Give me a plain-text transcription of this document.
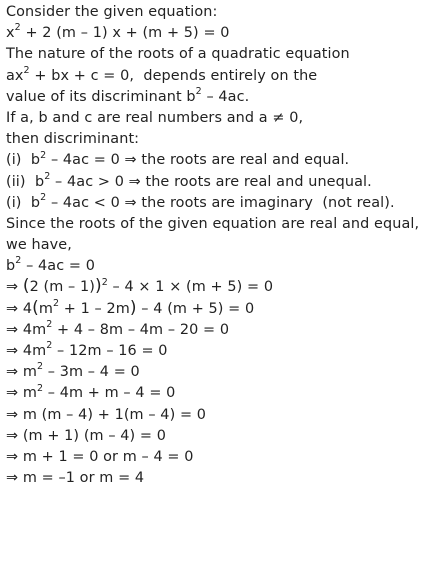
Consider the given equation:
$x^2 + 2$ (m – 1) x + (m + 5) = 0
The nature of the roots of a quadratic equation
$ax^2$ + bx + c = 0,  depends entirely on the
value of its discriminant $b^2 - 4ac$.
If a, b and c are real numbers and a ≠ 0,
then discriminant:
(i)  $b^2 - 4ac = 0$ ⇒ the roots are real and equal.
(ii)  $b^2 - 4ac > 0$ ⇒ the roots are real and unequal.
(i)  $b^2 - 4ac < 0$ ⇒ the roots are imaginary  (not real).
Since the roots of the given equation are real and equal,
we have,
$b^2 - 4ac = 0$
⇒ (2 (m – 1))$^2$ – 4 × 1 × (m + 5) = 0
⇒ $4(m^2 + 1 - 2m) - 4$ (m + 5) = 0
⇒ $4m^2 + 4 - 8m - 4m - 20 = 0$
⇒ $4m^2 - 12m - 16 = 0$
⇒ $m^2 - 3m - 4 = 0$
⇒ $m^2 - 4m + m - 4 = 0$
⇒ m (m – 4) + 1(m – 4) = 0
⇒ (m + 1) (m – 4) = 0
⇒ m + 1 = 0 or m – 4 = 0
⇒ m = –1 or m = 4
